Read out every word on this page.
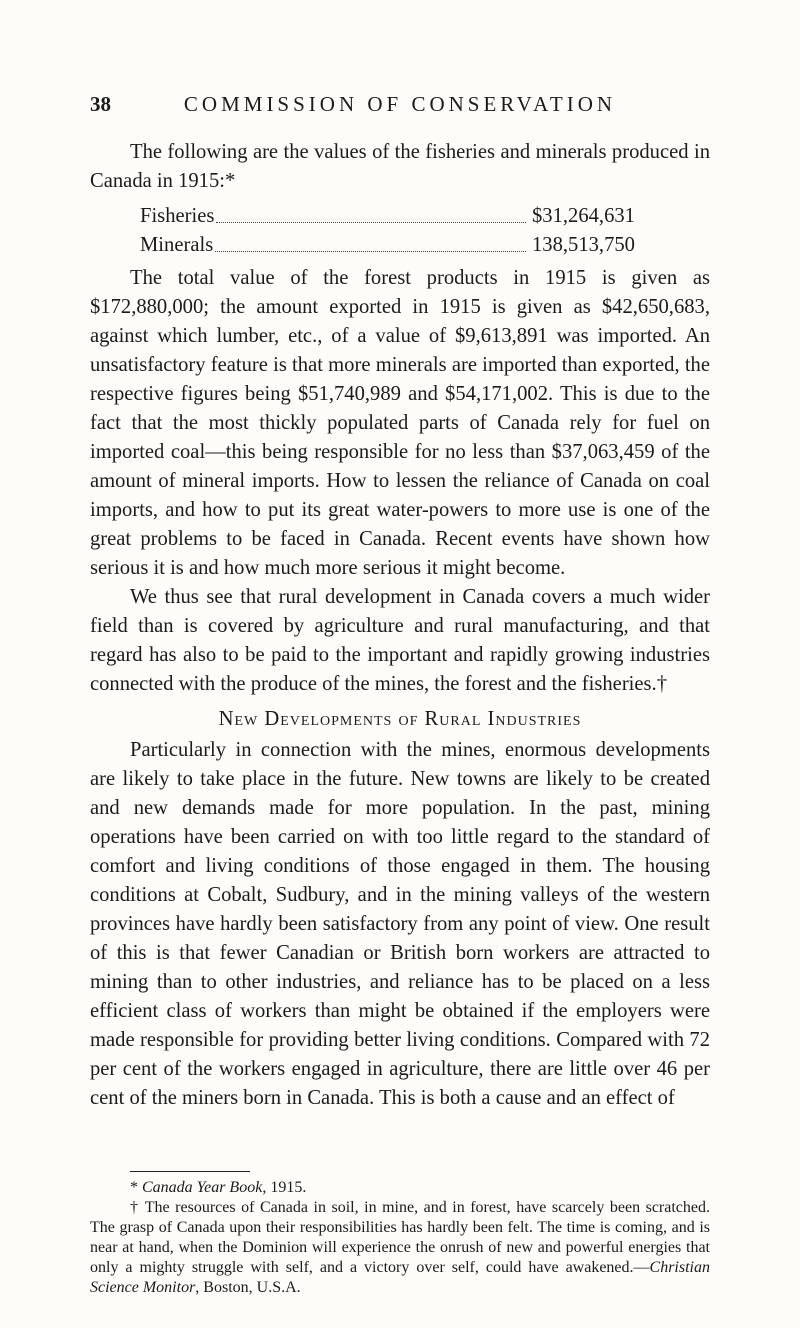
38	COMMISSION OF CONSERVATION

The following are the values of the fisheries and minerals produced in Canada in 1915:*

Fisheries	$31,264,631
Minerals	138,513,750

The total value of the forest products in 1915 is given as $172,880,000; the amount exported in 1915 is given as $42,650,683, against which lumber, etc., of a value of $9,613,891 was imported. An unsatisfactory feature is that more minerals are imported than exported, the respective figures being $51,740,989 and $54,171,002. This is due to the fact that the most thickly populated parts of Canada rely for fuel on imported coal—this being responsible for no less than $37,063,459 of the amount of mineral imports. How to lessen the reliance of Canada on coal imports, and how to put its great water-powers to more use is one of the great problems to be faced in Canada. Recent events have shown how serious it is and how much more serious it might become.

We thus see that rural development in Canada covers a much wider field than is covered by agriculture and rural manufacturing, and that regard has also to be paid to the important and rapidly growing industries connected with the produce of the mines, the forest and the fisheries.†

New Developments of Rural Industries

Particularly in connection with the mines, enormous developments are likely to take place in the future. New towns are likely to be created and new demands made for more population. In the past, mining operations have been carried on with too little regard to the standard of comfort and living conditions of those engaged in them. The housing conditions at Cobalt, Sudbury, and in the mining valleys of the western provinces have hardly been satisfactory from any point of view. One result of this is that fewer Canadian or British born workers are attracted to mining than to other industries, and reliance has to be placed on a less efficient class of workers than might be obtained if the employers were made responsible for providing better living conditions. Compared with 72 per cent of the workers engaged in agriculture, there are little over 46 per cent of the miners born in Canada. This is both a cause and an effect of

* Canada Year Book, 1915.

† The resources of Canada in soil, in mine, and in forest, have scarcely been scratched. The grasp of Canada upon their responsibilities has hardly been felt. The time is coming, and is near at hand, when the Dominion will experience the onrush of new and powerful energies that only a mighty struggle with self, and a victory over self, could have awakened.—Christian Science Monitor, Boston, U.S.A.
